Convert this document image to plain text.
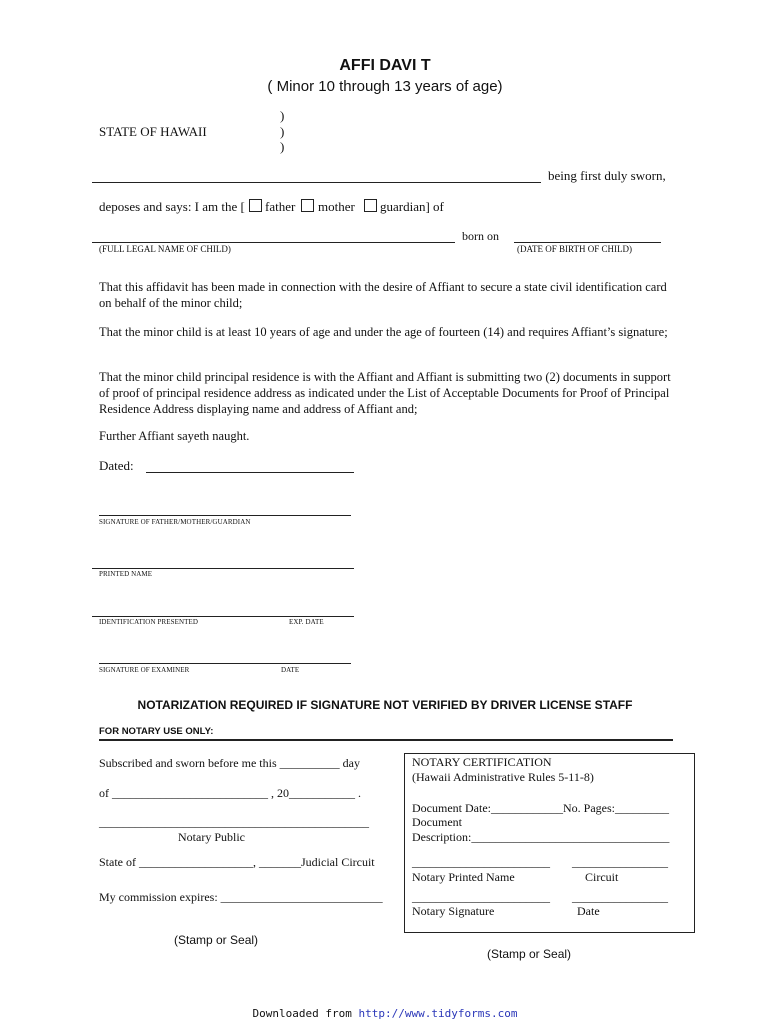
AFFI DAVI T
( Minor 10 through 13 years of age)
)
STATE OF HAWAII	)
)
being first duly sworn,
deposes and says: I am the [ father mother guardian] of
born on
(FULL LEGAL NAME OF CHILD)	(DATE OF BIRTH OF CHILD)
That this affidavit has been made in connection with the desire of Affiant to secure a state civil identification card on behalf of the minor child;
That the minor child is at least 10 years of age and under the age of fourteen (14) and requires Affiant’s signature;
That the minor child principal residence is with the Affiant and Affiant is submitting two (2) documents in support of proof of principal residence address as indicated under the List of Acceptable Documents for Proof of Principal Residence Address displaying name and address of Affiant and;
Further Affiant sayeth naught.
Dated:
SIGNATURE OF FATHER/MOTHER/GUARDIAN
PRINTED NAME
IDENTIFICATION PRESENTED	EXP. DATE
SIGNATURE OF EXAMINER	DATE
NOTARIZATION REQUIRED IF SIGNATURE NOT VERIFIED BY DRIVER LICENSE STAFF
FOR NOTARY USE ONLY:
Subscribed and sworn before me this __________ day
of __________________________ , 20___________ .
_____________________________________________
Notary Public
State of ___________________, _______Judicial Circuit
My commission expires: ___________________________
(Stamp or Seal)
NOTARY CERTIFICATION
(Hawaii Administrative Rules 5-11-8)
Document Date:____________No. Pages:_________
Document
Description:_________________________________
_______________________ ________________
Notary Printed Name	Circuit
_______________________ ________________
Notary Signature	Date
(Stamp or Seal)
Downloaded from http://www.tidyforms.com
